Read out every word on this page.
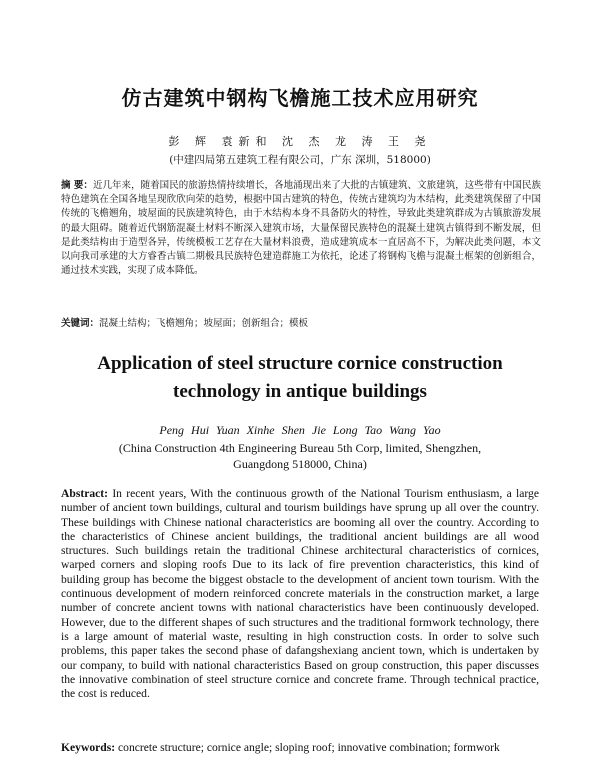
仿古建筑中钢构飞檐施工技术应用研究
彭 辉 袁新和 沈 杰 龙 涛 王 尧
(中建四局第五建筑工程有限公司，广东 深圳，518000)
摘 要：近几年来，随着国民的旅游热情持续增长，各地涌现出来了大批的古镇建筑、文旅建筑，这些带有中国民族特色建筑在全国各地呈现欣欣向荣的趋势，根据中国古建筑的特色，传统古建筑均为木结构，此类建筑保留了中国传统的飞檐翘角，坡屋面的民族建筑特色，由于木结构本身不具备防火的特性，导致此类建筑群成为古镇旅游发展的最大阻碍。随着近代钢筋混凝土材料不断深入建筑市场，大量保留民族特色的混凝土建筑古镇得到不断发展，但是此类结构由于造型各异，传统模板工艺存在大量材料浪费，造成建筑成本一直居高不下，为解决此类问题，本文以向我司承建的大方睿香古镇二期极具民族特色建造群施工为依托，论述了将钢构飞檐与混凝土框架的创新组合，通过技术实践，实现了成本降低。
关键词：混凝土结构；飞檐翘角；坡屋面；创新组合；模板
Application of steel structure cornice construction
technology in antique buildings
Peng Hui Yuan Xinhe Shen Jie Long Tao Wang Yao
(China Construction 4th Engineering Bureau 5th Corp, limited, Shengzhen,
Guangdong 518000, China)
Abstract: In recent years, With the continuous growth of the National Tourism enthusiasm, a large number of ancient town buildings, cultural and tourism buildings have sprung up all over the country. These buildings with Chinese national characteristics are booming all over the country. According to the characteristics of Chinese ancient buildings, the traditional ancient buildings are all wood structures. Such buildings retain the traditional Chinese architectural characteristics of cornices, warped corners and sloping roofs Due to its lack of fire prevention characteristics, this kind of building group has become the biggest obstacle to the development of ancient town tourism. With the continuous development of modern reinforced concrete materials in the construction market, a large number of concrete ancient towns with national characteristics have been continuously developed. However, due to the different shapes of such structures and the traditional formwork technology, there is a large amount of material waste, resulting in high construction costs. In order to solve such problems, this paper takes the second phase of dafangshexiang ancient town, which is undertaken by our company, to build with national characteristics Based on group construction, this paper discusses the innovative combination of steel structure cornice and concrete frame. Through technical practice, the cost is reduced.
Keywords: concrete structure; cornice angle; sloping roof; innovative combination; formwork
